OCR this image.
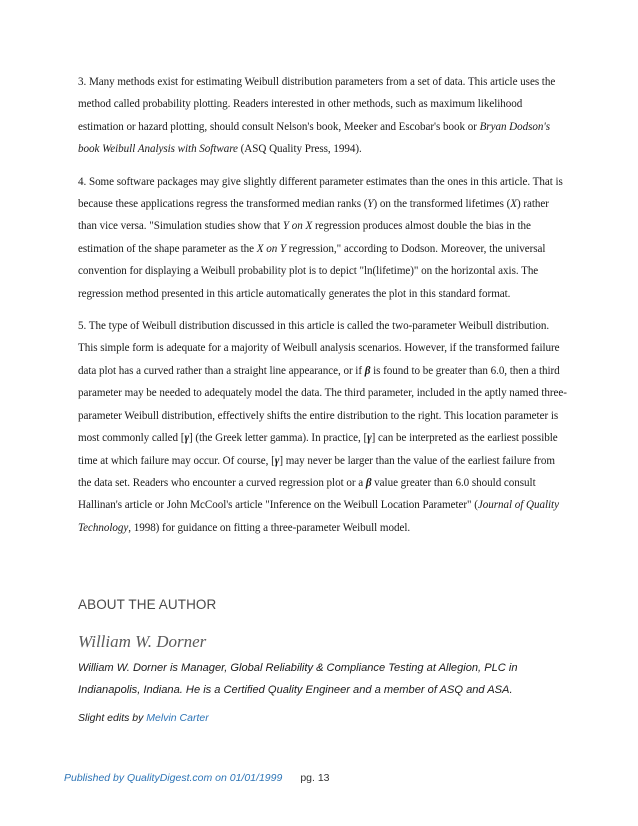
3. Many methods exist for estimating Weibull distribution parameters from a set of data. This article uses the method called probability plotting. Readers interested in other methods, such as maximum likelihood estimation or hazard plotting, should consult Nelson's book, Meeker and Escobar's book or Bryan Dodson's book Weibull Analysis with Software (ASQ Quality Press, 1994).

4. Some software packages may give slightly different parameter estimates than the ones in this article. That is because these applications regress the transformed median ranks (Y) on the transformed lifetimes (X) rather than vice versa. "Simulation studies show that Y on X regression produces almost double the bias in the estimation of the shape parameter as the X on Y regression," according to Dodson. Moreover, the universal convention for displaying a Weibull probability plot is to depict "ln(lifetime)" on the horizontal axis. The regression method presented in this article automatically generates the plot in this standard format.

5. The type of Weibull distribution discussed in this article is called the two-parameter Weibull distribution. This simple form is adequate for a majority of Weibull analysis scenarios. However, if the transformed failure data plot has a curved rather than a straight line appearance, or if β is found to be greater than 6.0, then a third parameter may be needed to adequately model the data. The third parameter, included in the aptly named three-parameter Weibull distribution, effectively shifts the entire distribution to the right. This location parameter is most commonly called [γ] (the Greek letter gamma). In practice, [γ] can be interpreted as the earliest possible time at which failure may occur. Of course, [γ] may never be larger than the value of the earliest failure from the data set. Readers who encounter a curved regression plot or a β value greater than 6.0 should consult Hallinan's article or John McCool's article "Inference on the Weibull Location Parameter" (Journal of Quality Technology, 1998) for guidance on fitting a three-parameter Weibull model.

ABOUT THE AUTHOR
William W. Dorner
William W. Dorner is Manager, Global Reliability & Compliance Testing at Allegion, PLC in Indianapolis, Indiana. He is a Certified Quality Engineer and a member of ASQ and ASA.
Slight edits by Melvin Carter
Published by QualityDigest.com on 01/01/1999 pg. 13
